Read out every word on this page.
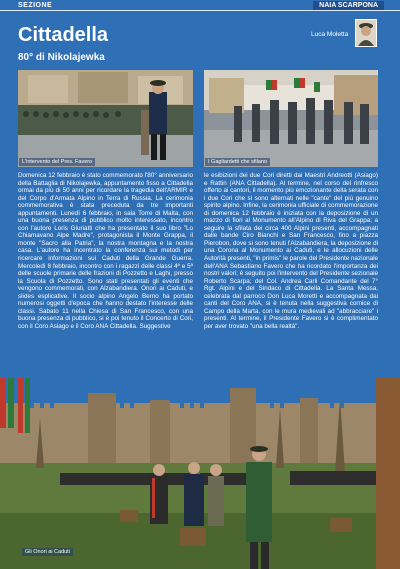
SEZIONE	NAIA SCARPONA
Cittadella
80° di Nikolajewka
Luca Moletta
L'intervento del Pres. Favero	I Gagliardetti che sfilano

Domenica 12 febbraio è stato commemorato l'80° anniversario della Battaglia di Nikolajewka, appuntamento fisso a Cittadella ormai da più di 50 anni per ricordare la tragedia dell'ARMIR e del Corpo d'Armata Alpino in Terra di Russia. La cerimonia commemorativa è stata preceduta da tre importanti appuntamenti. Lunedì 6 febbraio, in sala Torre di Malta, con una buona presenza di pubblico molto interessato, incontro con l'autore Loris Giuriatti che ha presentato il suo libro "Lo Chiamavano Alpe Madre", protagonista il Monte Grappa, il monte "Sacro alla Patria", la nostra montagna e la nostra casa. L'autore ha incentrato la conferenza sui metodi per ricercare informazioni sui Caduti della Grande Guerra. Mercoledì 8 febbraio, incontro con i ragazzi delle classi 4ª e 5ª delle scuole primarie delle frazioni di Pozzetto e Laghi, presso la Scuola di Pozzetto. Sono stati presentati gli eventi che vengono commemorati, con Alzabandiera. Onori ai Caduti, e slides esplicative. Il socio alpino Angelo Berno ha portato numerosi oggetti d'epoca che hanno destato l'interesse delle classi. Sabato 11 nella Chiesa di San Francesco, con una buona presenza di pubblico, si è poi tenuto il Concerto di Cori, con il Coro Asiago e il Coro ANA Cittadella. Suggestive

le esibizioni dei due Cori diretti dai Maestri Andreotti (Asiago) e Rattin (ANA Cittadella). Al termine, nel corso del rinfresco offerto ai cantori, il momento più emozionante della serata con i due Cori che si sono alternati nelle "cante" del più genuino spirito alpino. Infine, la cerimonia ufficiale di commemorazione di domenica 12 febbraio è iniziata con la deposizione di un mazzo di fiori al Monumento all'Alpino di Riva del Grappa; a seguire la sfilata dei circa 400 Alpini presenti, accompagnati dalle bande Ciro Bianchi e San Francesco, fino a piazza Pierobon, dove si sono tenuti l'Alzabandiera, la deposizione di una Corona al Monumento ai Caduti, e le allocuzioni delle Autorità presenti, "in primis" le parole del Presidente nazionale dell'ANA Sebastiano Favero che ha ricordato l'importanza dei nostri valori; è seguito poi l'intervento del Presidente sezionale Roberto Scarpa; del Col. Andrea Carli Comandante del 7° Rgt. Alpini e del Sindaco di Cittadella. La Santa Messa, celebrata dal parroco Don Luca Moretti e accompagnata dai canti del Coro ANA, si è tenuta nella suggestiva cornice di Campo della Marta, con le mura medievali ad "abbracciare" i presenti. Al termine, il Presidente Favero si è complimentato per aver trovato "una bella realtà".

Gli Onori ai Caduti
